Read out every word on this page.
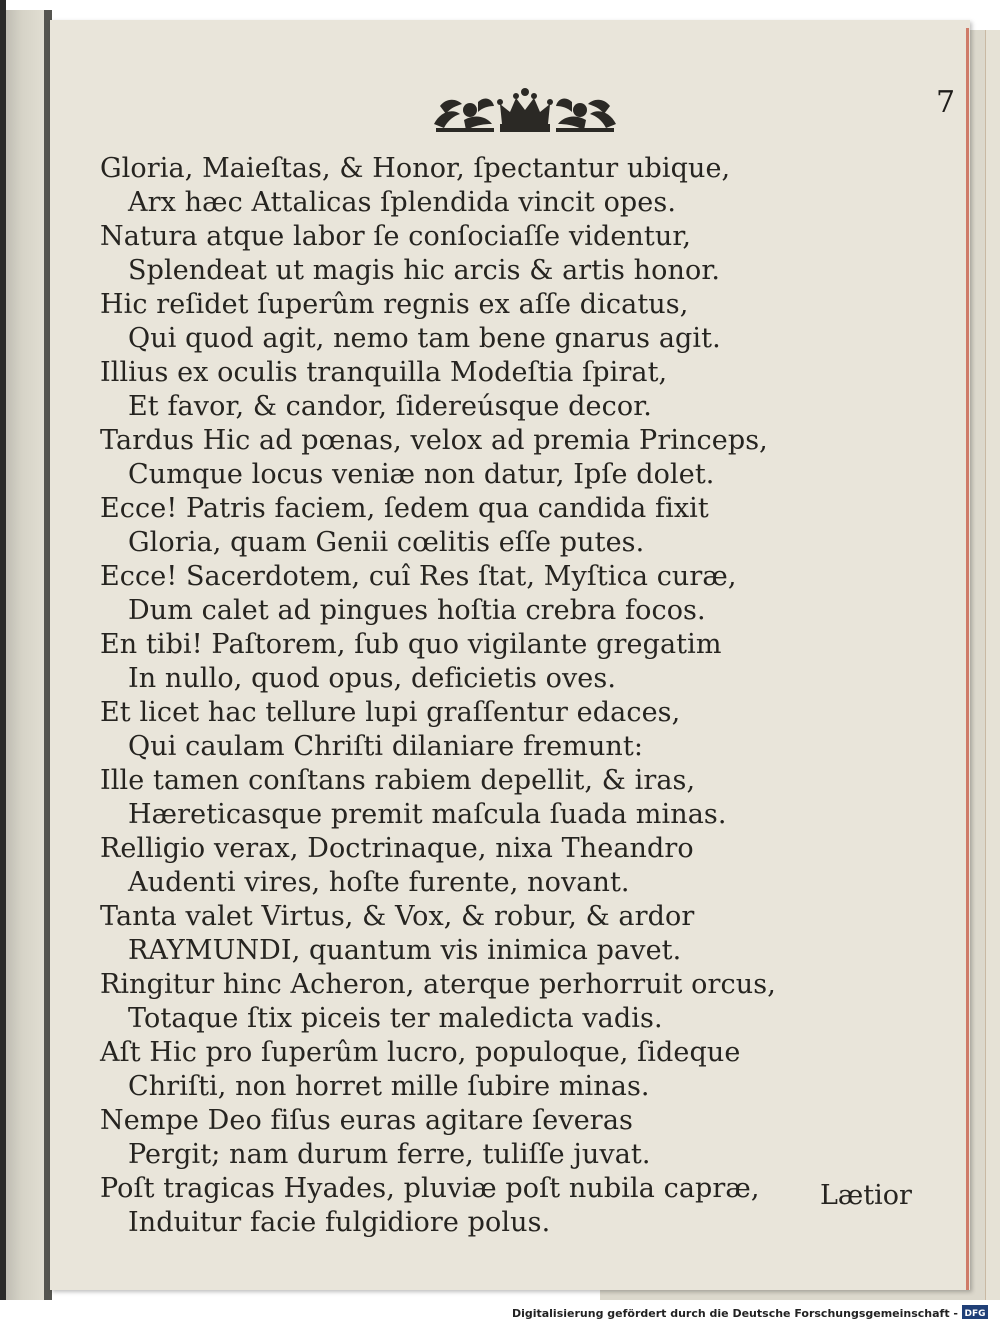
7
Gloria, Maieſtas, & Honor, ſpectantur ubique,
Arx hæc Attalicas ſplendida vincit opes.
Natura atque labor ſe conſociaſſe videntur,
Splendeat ut magis hic arcis & artis honor.
Hic reſidet ſuperûm regnis ex aſſe dicatus,
Qui quod agit, nemo tam bene gnarus agit.
Illius ex oculis tranquilla Modeſtia ſpirat,
Et favor, & candor, ſidereúsque decor.
Tardus Hic ad pœnas, velox ad premia Princeps,
Cumque locus veniæ non datur, Ipſe dolet.
Ecce! Patris faciem, ſedem qua candida fixit
Gloria, quam Genii cœlitis eſſe putes.
Ecce! Sacerdotem, cuî Res ſtat, Myſtica curæ,
Dum calet ad pingues hoſtia crebra focos.
En tibi! Paſtorem, ſub quo vigilante gregatim
In nullo, quod opus, deficietis oves.
Et licet hac tellure lupi graſſentur edaces,
Qui caulam Chriſti dilaniare fremunt:
Ille tamen conſtans rabiem depellit, & iras,
Hæreticasque premit maſcula ſuada minas.
Relligio verax, Doctrinaque, nixa Theandro
Audenti vires, hoſte furente, novant.
Tanta valet Virtus, & Vox, & robur, & ardor
RAYMUNDI, quantum vis inimica pavet.
Ringitur hinc Acheron, aterque perhorruit orcus,
Totaque ſtix piceis ter maledicta vadis.
Aſt Hic pro ſuperûm lucro, populoque, ſideque
Chriſti, non horret mille ſubire minas.
Nempe Deo fiſus euras agitare ſeveras
Pergit; nam durum ferre, tuliſſe juvat.
Poſt tragicas Hyades, pluviæ poſt nubila capræ,
Induitur facie fulgidiore polus.
Lætior
Digitalisierung gefördert durch die Deutsche Forschungsgemeinschaft - DFG
